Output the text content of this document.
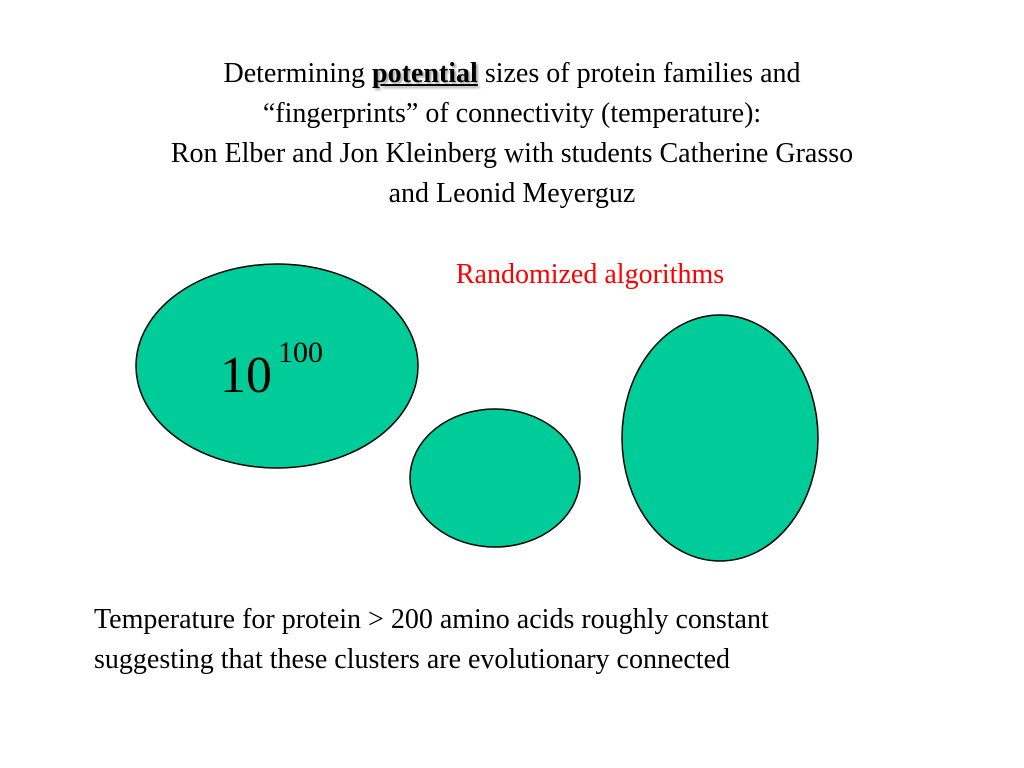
Determining potential sizes of protein families and
“fingerprints” of connectivity (temperature):
Ron Elber and Jon Kleinberg with students Catherine Grasso
and Leonid Meyerguz
Randomized algorithms
10 100
Temperature for protein > 200 amino acids roughly constant
suggesting that these clusters are evolutionary connected
